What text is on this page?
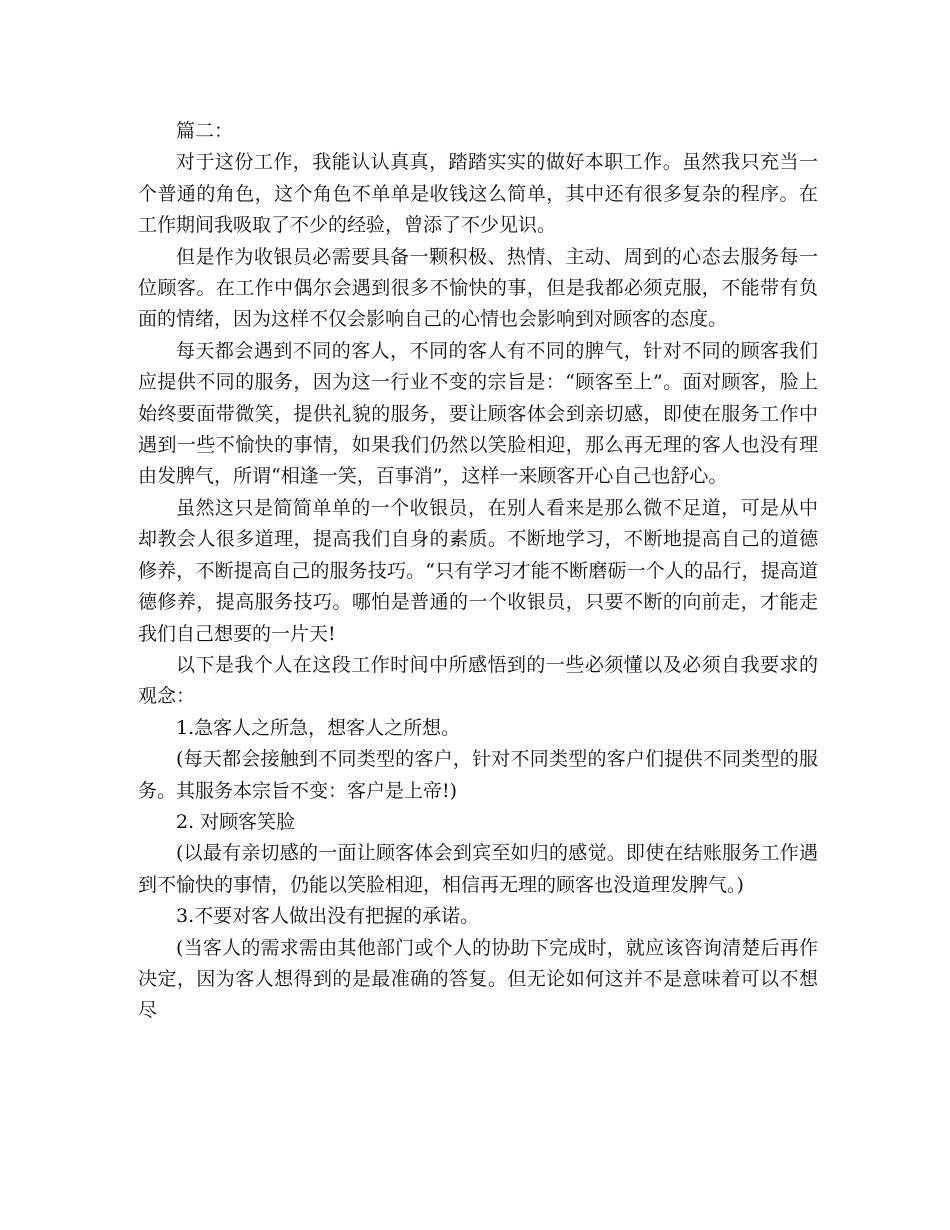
篇二：

对于这份工作，我能认认真真，踏踏实实的做好本职工作。虽然我只充当一个普通的角色，这个角色不单单是收钱这么简单，其中还有很多复杂的程序。在工作期间我吸取了不少的经验，曾添了不少见识。

但是作为收银员必需要具备一颗积极、热情、主动、周到的心态去服务每一位顾客。在工作中偶尔会遇到很多不愉快的事，但是我都必须克服，不能带有负面的情绪，因为这样不仅会影响自己的心情也会影响到对顾客的态度。

每天都会遇到不同的客人，不同的客人有不同的脾气，针对不同的顾客我们应提供不同的服务，因为这一行业不变的宗旨是：“顾客至上”。面对顾客，脸上始终要面带微笑，提供礼貌的服务，要让顾客体会到亲切感，即使在服务工作中遇到一些不愉快的事情，如果我们仍然以笑脸相迎，那么再无理的客人也没有理由发脾气，所谓“相逢一笑，百事消”，这样一来顾客开心自己也舒心。

虽然这只是简简单单的一个收银员，在别人看来是那么微不足道，可是从中却教会人很多道理，提高我们自身的素质。不断地学习，不断地提高自己的道德修养，不断提高自己的服务技巧。“只有学习才能不断磨砺一个人的品行，提高道德修养，提高服务技巧。哪怕是普通的一个收银员，只要不断的向前走，才能走我们自己想要的一片天!

以下是我个人在这段工作时间中所感悟到的一些必须懂以及必须自我要求的观念：

1.急客人之所急，想客人之所想。

(每天都会接触到不同类型的客户，针对不同类型的客户们提供不同类型的服务。其服务本宗旨不变：客户是上帝!)

2. 对顾客笑脸

(以最有亲切感的一面让顾客体会到宾至如归的感觉。即使在结账服务工作遇到不愉快的事情，仍能以笑脸相迎，相信再无理的顾客也没道理发脾气。)

3.不要对客人做出没有把握的承诺。

(当客人的需求需由其他部门或个人的协助下完成时，就应该咨询清楚后再作决定，因为客人想得到的是最准确的答复。但无论如何这并不是意味着可以不想尽
